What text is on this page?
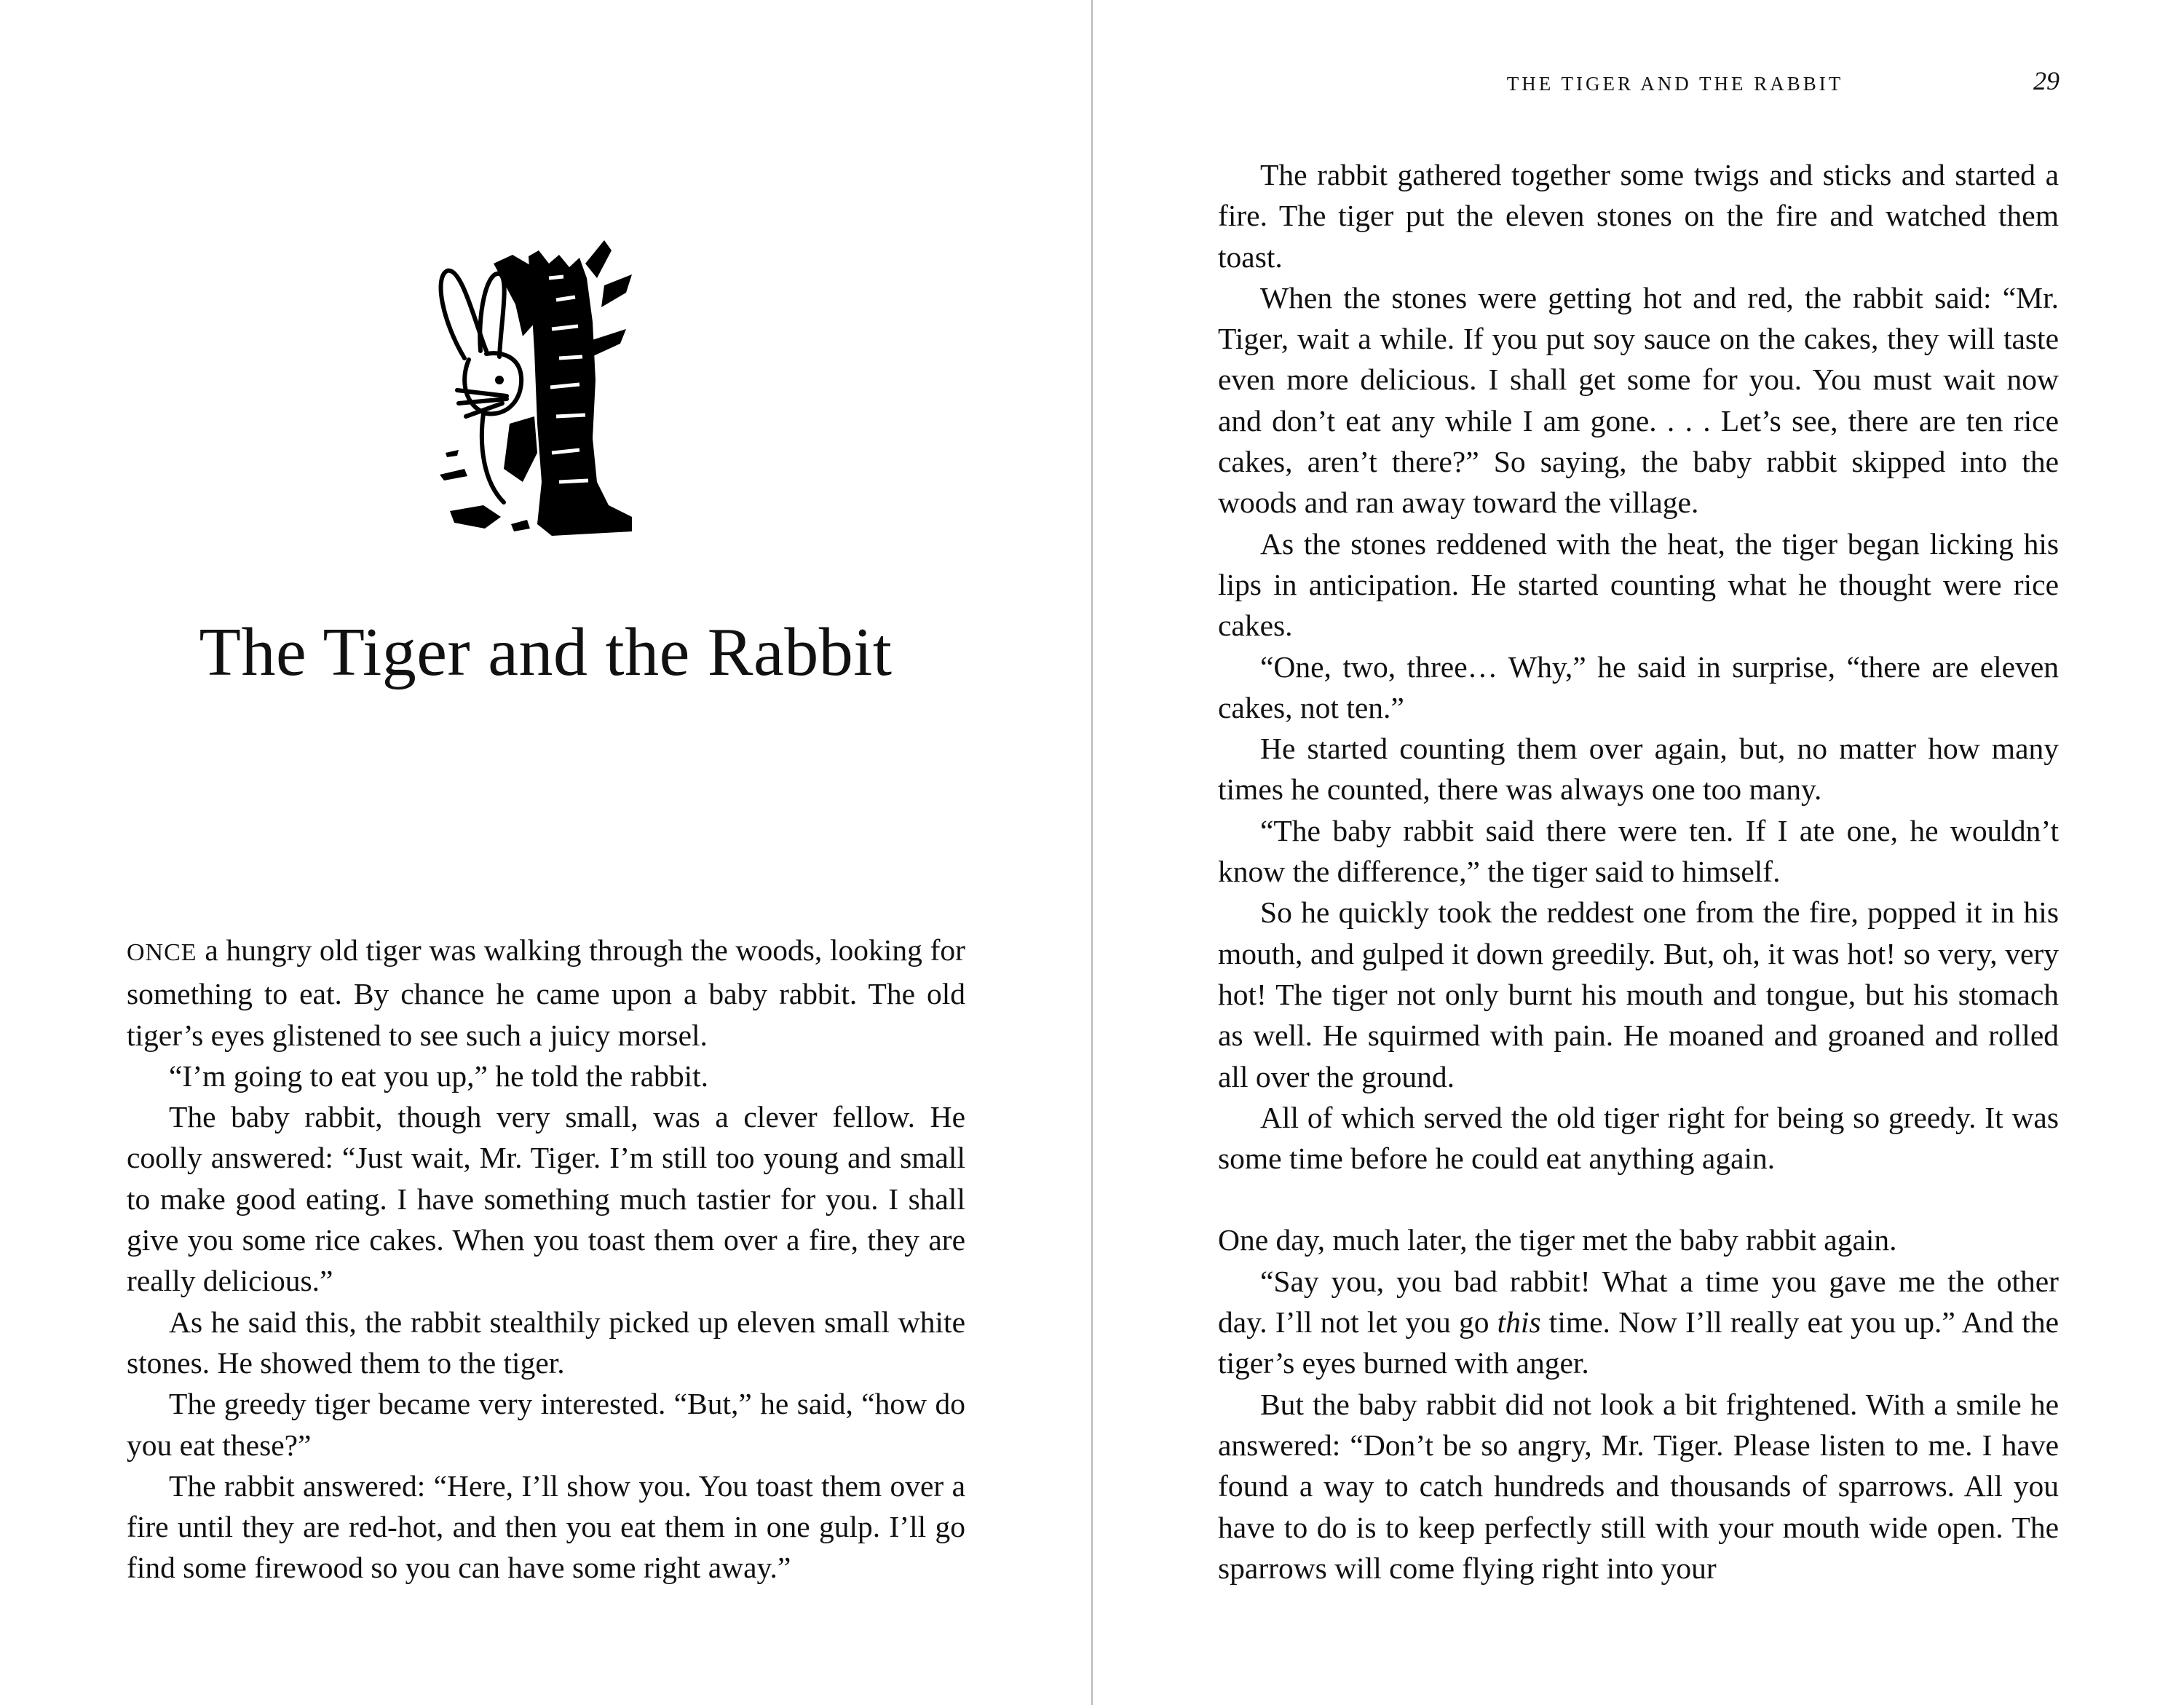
The Tiger and the Rabbit

ONCE a hungry old tiger was walking through the woods, looking for something to eat. By chance he came upon a baby rabbit. The old tiger’s eyes glistened to see such a juicy morsel.

“I’m going to eat you up,” he told the rabbit.

The baby rabbit, though very small, was a clever fellow. He coolly answered: “Just wait, Mr. Tiger. I’m still too young and small to make good eating. I have something much tastier for you. I shall give you some rice cakes. When you toast them over a fire, they are really delicious.”

As he said this, the rabbit stealthily picked up eleven small white stones. He showed them to the tiger.

The greedy tiger became very interested. “But,” he said, “how do you eat these?”

The rabbit answered: “Here, I’ll show you. You toast them over a fire until they are red-hot, and then you eat them in one gulp. I’ll go find some firewood so you can have some right away.”

THE TIGER AND THE RABBIT	29

The rabbit gathered together some twigs and sticks and started a fire. The tiger put the eleven stones on the fire and watched them toast.

When the stones were getting hot and red, the rabbit said: “Mr. Tiger, wait a while. If you put soy sauce on the cakes, they will taste even more delicious. I shall get some for you. You must wait now and don’t eat any while I am gone. . . . Let’s see, there are ten rice cakes, aren’t there?” So saying, the baby rabbit skipped into the woods and ran away toward the village.

As the stones reddened with the heat, the tiger began licking his lips in anticipation. He started counting what he thought were rice cakes.

“One, two, three… Why,” he said in surprise, “there are eleven cakes, not ten.”

He started counting them over again, but, no matter how many times he counted, there was always one too many.

“The baby rabbit said there were ten. If I ate one, he wouldn’t know the difference,” the tiger said to himself.

So he quickly took the reddest one from the fire, popped it in his mouth, and gulped it down greedily. But, oh, it was hot! so very, very hot! The tiger not only burnt his mouth and tongue, but his stomach as well. He squirmed with pain. He moaned and groaned and rolled all over the ground.

All of which served the old tiger right for being so greedy. It was some time before he could eat anything again.

One day, much later, the tiger met the baby rabbit again.

“Say you, you bad rabbit! What a time you gave me the other day. I’ll not let you go this time. Now I’ll really eat you up.” And the tiger’s eyes burned with anger.

But the baby rabbit did not look a bit frightened. With a smile he answered: “Don’t be so angry, Mr. Tiger. Please listen to me. I have found a way to catch hundreds and thousands of sparrows. All you have to do is to keep perfectly still with your mouth wide open. The sparrows will come flying right into your
